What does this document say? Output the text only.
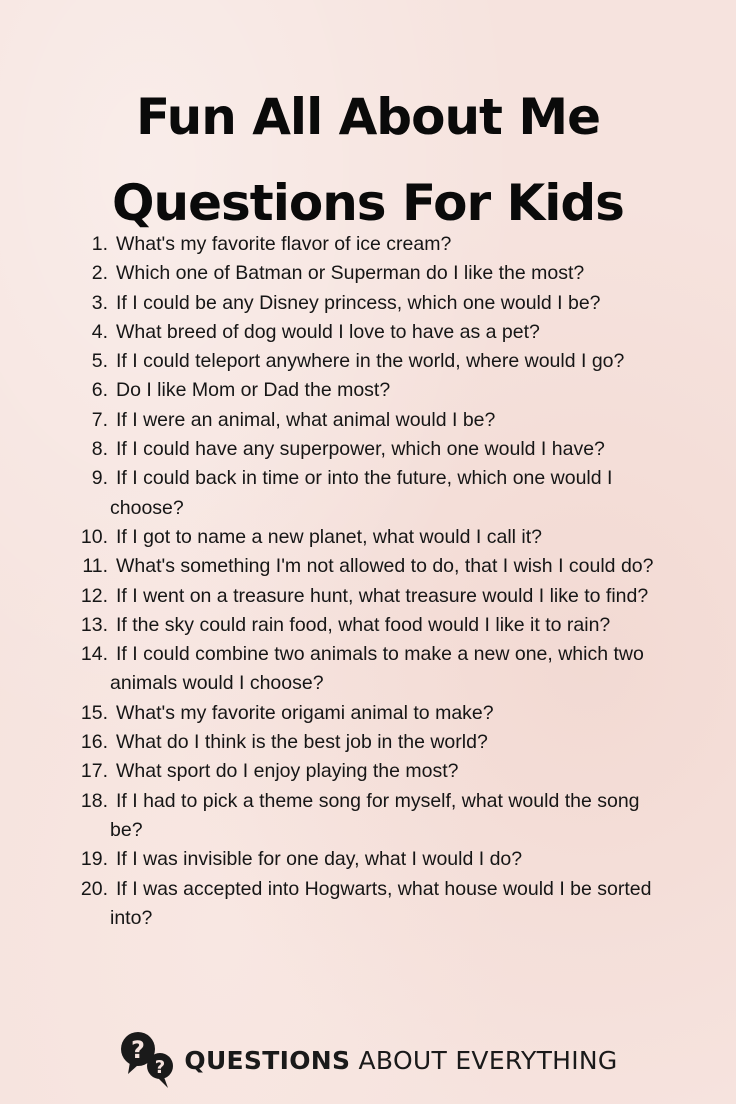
Fun All About Me
Questions For Kids
1. What's my favorite flavor of ice cream?
2. Which one of Batman or Superman do I like the most?
3. If I could be any Disney princess, which one would I be?
4. What breed of dog would I love to have as a pet?
5. If I could teleport anywhere in the world, where would I go?
6. Do I like Mom or Dad the most?
7. If I were an animal, what animal would I be?
8. If I could have any superpower, which one would I have?
9. If I could back in time or into the future, which one would I choose?
10. If I got to name a new planet, what would I call it?
11. What's something I'm not allowed to do, that I wish I could do?
12. If I went on a treasure hunt, what treasure would I like to find?
13. If the sky could rain food, what food would I like it to rain?
14. If I could combine two animals to make a new one, which two animals would I choose?
15. What's my favorite origami animal to make?
16. What do I think is the best job in the world?
17. What sport do I enjoy playing the most?
18. If I had to pick a theme song for myself, what would the song be?
19. If I was invisible for one day, what I would I do?
20. If I was accepted into Hogwarts, what house would I be sorted into?
?
? QUESTIONS ABOUT EVERYTHING
